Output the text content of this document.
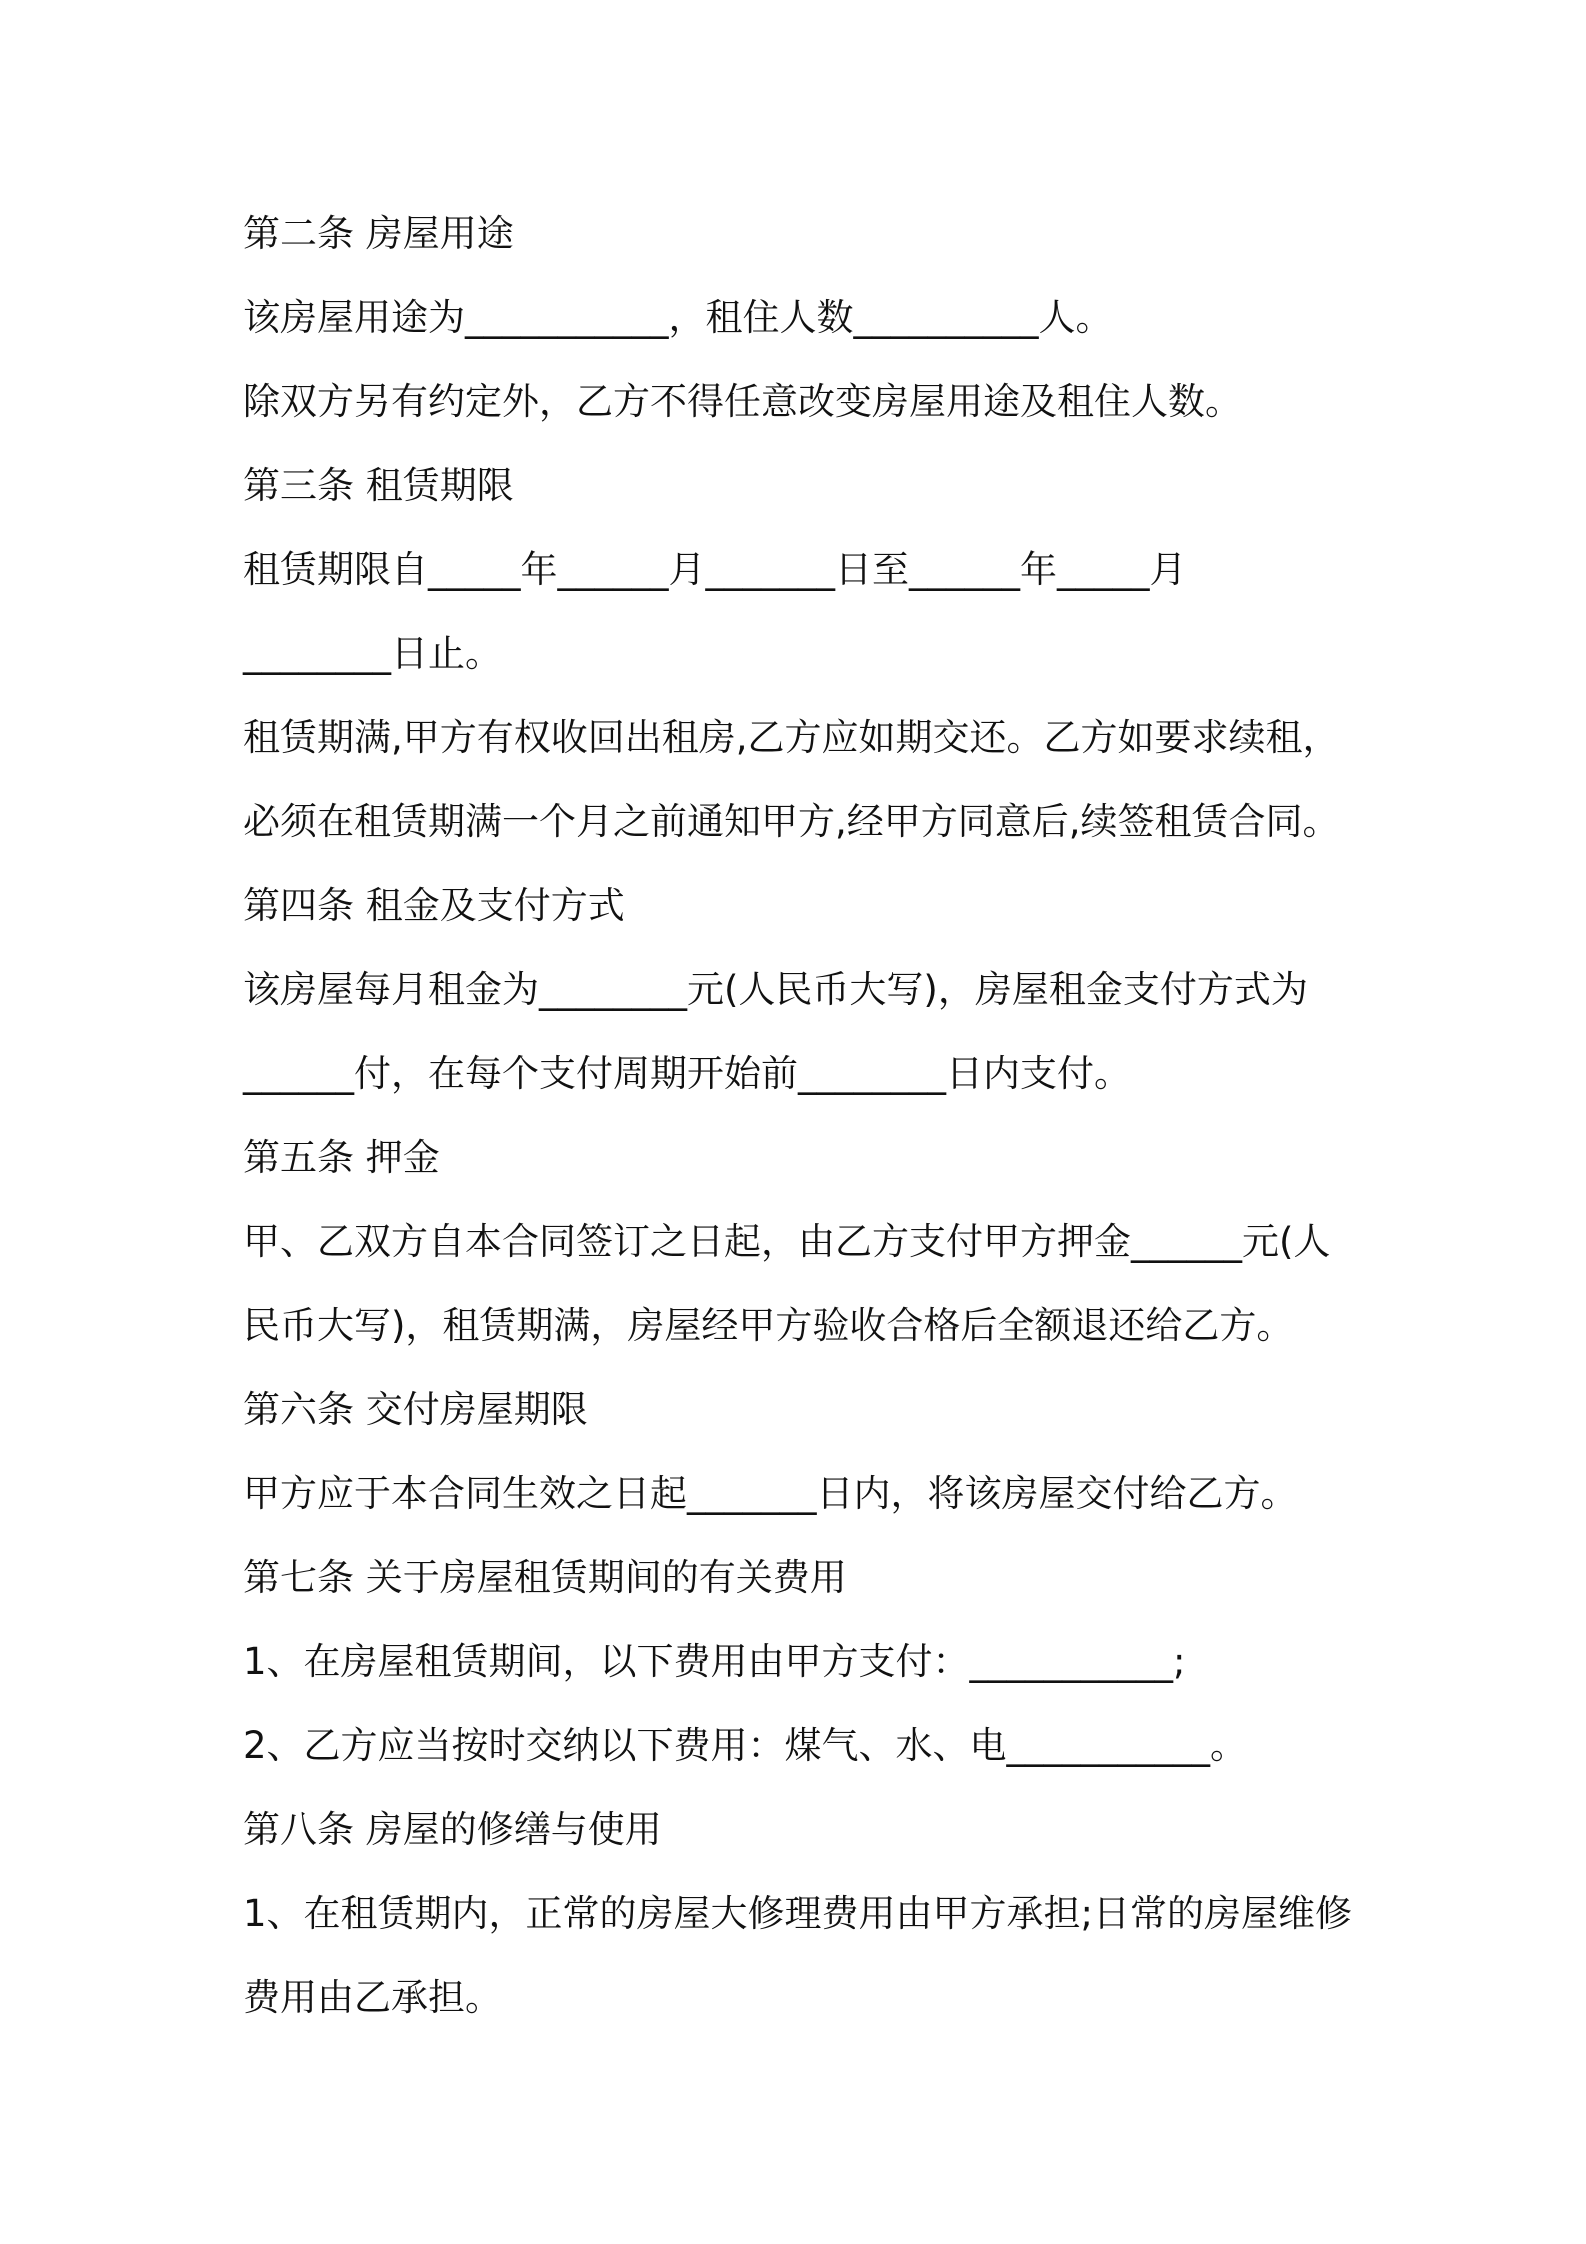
第二条 房屋用途
该房屋用途为___________，租住人数__________人。
除双方另有约定外，乙方不得任意改变房屋用途及租住人数。
第三条 租赁期限
租赁期限自_____年______月_______日至______年_____月
________日止。
租赁期满,甲方有权收回出租房,乙方应如期交还。乙方如要求续租，
必须在租赁期满一个月之前通知甲方,经甲方同意后,续签租赁合同。
第四条 租金及支付方式
该房屋每月租金为________元(人民币大写)，房屋租金支付方式为
______付，在每个支付周期开始前________日内支付。
第五条 押金
甲、乙双方自本合同签订之日起，由乙方支付甲方押金______元(人
民币大写)，租赁期满，房屋经甲方验收合格后全额退还给乙方。
第六条 交付房屋期限
甲方应于本合同生效之日起_______日内，将该房屋交付给乙方。
第七条 关于房屋租赁期间的有关费用
1、在房屋租赁期间，以下费用由甲方支付：___________;
2、乙方应当按时交纳以下费用：煤气、水、电___________。
第八条 房屋的修缮与使用
1、在租赁期内，正常的房屋大修理费用由甲方承担;日常的房屋维修
费用由乙承担。
